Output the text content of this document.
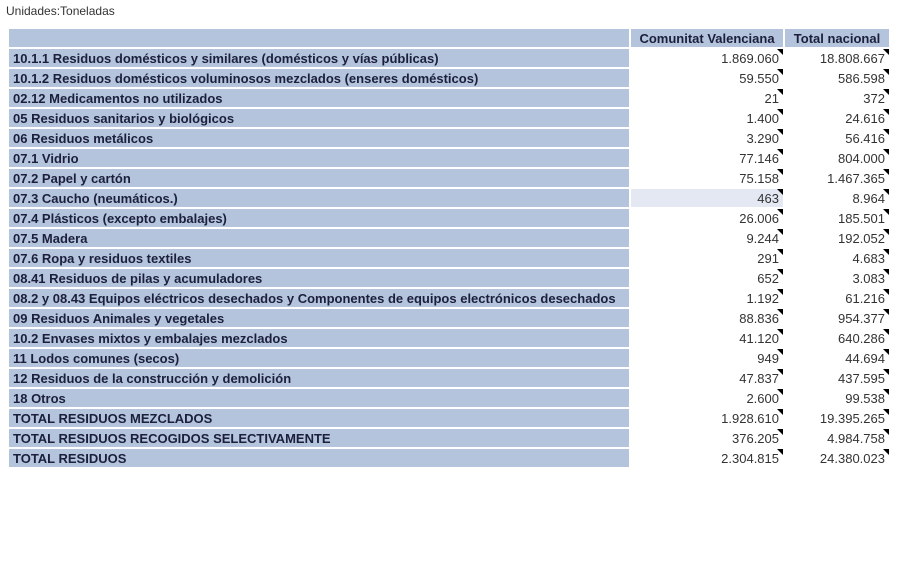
Unidades:Toneladas
	Comunitat Valenciana	Total nacional
10.1.1 Residuos domésticos y similares (domésticos y vías públicas)	1.869.060	18.808.667
10.1.2 Residuos domésticos voluminosos mezclados (enseres domésticos)	59.550	586.598
02.12 Medicamentos no utilizados	21	372
05 Residuos sanitarios y biológicos	1.400	24.616
06 Residuos metálicos	3.290	56.416
07.1 Vidrio	77.146	804.000
07.2 Papel y cartón	75.158	1.467.365
07.3 Caucho (neumáticos.)	463	8.964
07.4 Plásticos (excepto embalajes)	26.006	185.501
07.5 Madera	9.244	192.052
07.6 Ropa y residuos textiles	291	4.683
08.41 Residuos de pilas y acumuladores	652	3.083
08.2 y 08.43 Equipos eléctricos desechados y Componentes de equipos electrónicos desechados	1.192	61.216
09 Residuos Animales y vegetales	88.836	954.377
10.2 Envases mixtos y embalajes mezclados	41.120	640.286
11 Lodos comunes (secos)	949	44.694
12 Residuos de la construcción y demolición	47.837	437.595
18 Otros	2.600	99.538
TOTAL RESIDUOS MEZCLADOS	1.928.610	19.395.265
TOTAL RESIDUOS RECOGIDOS SELECTIVAMENTE	376.205	4.984.758
TOTAL RESIDUOS	2.304.815	24.380.023
